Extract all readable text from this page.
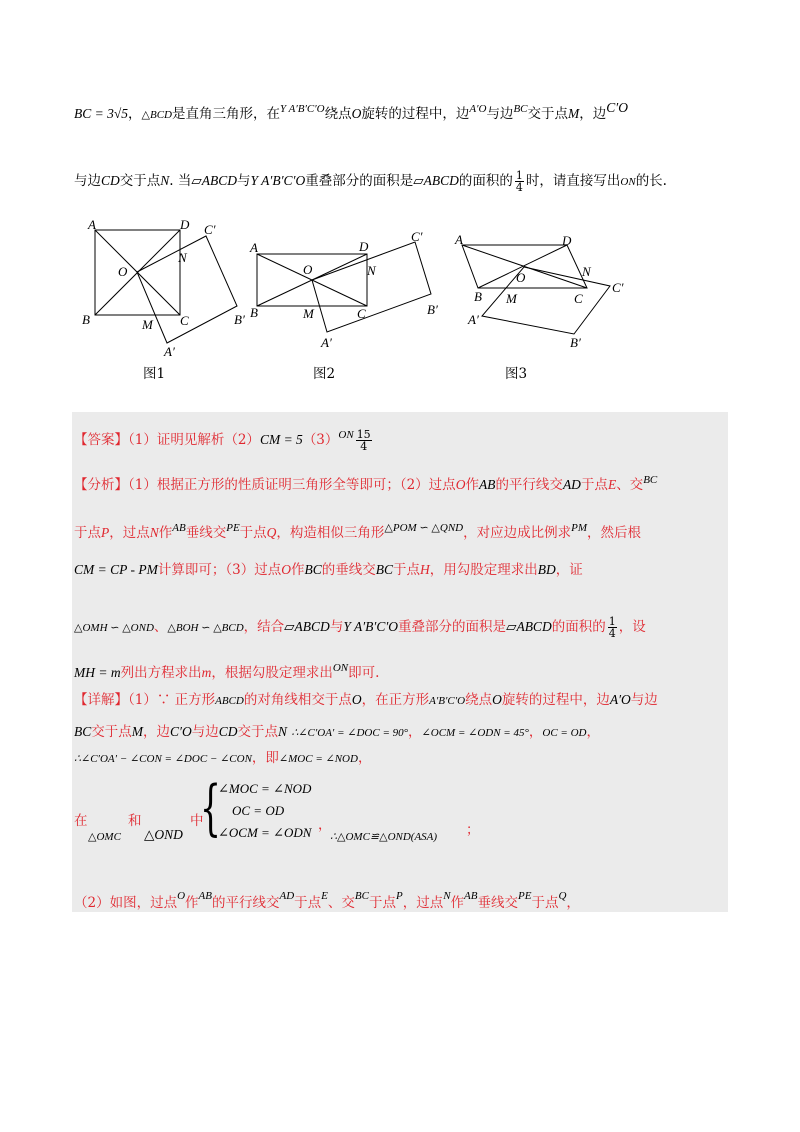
BC = 3√5，△BCD是直角三角形，在$^{Y A'B'C'O}$绕点O旋转的过程中，边$^{A'O}$与边$^{BC}$交于点M，边C′O
与边CD交于点N. 当▱ABCD与Y A′B′C′O重叠部分的面积是▱ABCD的面积的 $\frac{1}{4}$ 时，请直接写出ON的长.
A	D C′
N
O
B	M C	B′
A′
图1
A	D
C′
N
O
B	M	C	B′
A′
图2
A	D
N
O
C′
B M	C
A′
B′
图3
【答案】（1）证明见解析$(2)CM = 5(3)^{ON} \frac{15}{4}$
【分析】（1）根据正方形的性质证明三角形全等即可；（2）过点O作AB的平行线交AD于点E、交$^{BC}$
于点P，过点N作$^{AB}$垂线交$^{PE}$于点Q，构造相似三角形$^{\triangle POM ∽ \triangle QND}$，对应边成比例求$^{PM}$，然后根
CM = CP - PM计算即可；（3）过点O作BC的垂线交BC于点H，用勾股定理求出BD，证
△OMH ∽ △OND、△BOH ∽ △BCD，结合▱ABCD与Y A′B′C′O重叠部分的面积是▱ABCD的面积的 $\frac{1}{4}$ ，设
MH = m列出方程求出m，根据勾股定理求出$^{ON}$即可.
【详解】（1）∵ 正方形ABCD的对角线相交于点O，在正方形A′B′C′O绕点O旋转的过程中，边A′O与边
BC交于点M，边C′O与边CD交于点N ∴∠C′OA′ = ∠DOC = 90°，∠OCM = ∠ODN = 45°，OC = OD，
∴∠C′OA′ − ∠CON = ∠DOC − ∠CON，即∠MOC = ∠NOD，
在
△OMC
和
△OND
中
{
∠MOC = ∠NOD
OC = OD
∠OCM = ∠ODN ，
∴△OMC≌△OND(ASA) ；
（2）如图，过点$^O$作$^{AB}$的平行线交$^{AD}$于点$^E$、交$^{BC}$于点$^P$，过点$^N$作$^{AB}$垂线交$^{PE}$于点$^Q$，
